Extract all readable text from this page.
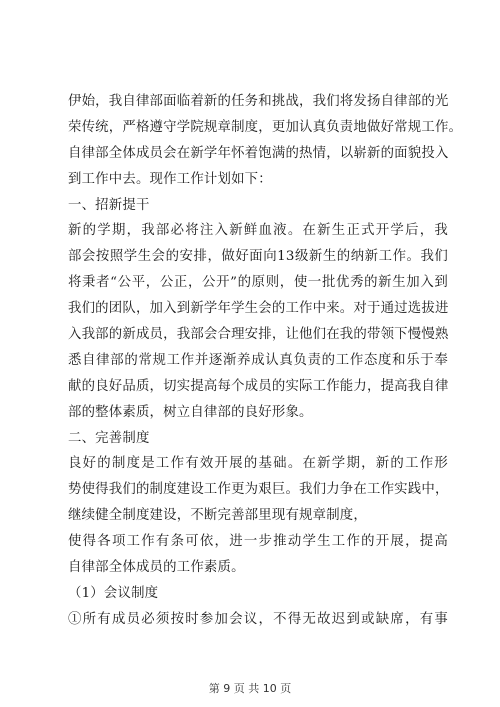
伊始，我自律部面临着新的任务和挑战，我们将发扬自律部的光
荣传统，严格遵守学院规章制度，更加认真负责地做好常规工作。
自律部全体成员会在新学年怀着饱满的热情，以崭新的面貌投入
到工作中去。现作工作计划如下：
一、招新提干
新的学期，我部必将注入新鲜血液。在新生正式开学后，我
部会按照学生会的安排，做好面向13级新生的纳新工作。我们
将秉者“公平，公正，公开”的原则，使一批优秀的新生加入到
我们的团队，加入到新学年学生会的工作中来。对于通过选拔进
入我部的新成员，我部会合理安排，让他们在我的带领下慢慢熟
悉自律部的常规工作并逐渐养成认真负责的工作态度和乐于奉
献的良好品质，切实提高每个成员的实际工作能力，提高我自律
部的整体素质，树立自律部的良好形象。
二、完善制度
良好的制度是工作有效开展的基础。在新学期，新的工作形
势使得我们的制度建设工作更为艰巨。我们力争在工作实践中，
继续健全制度建设，不断完善部里现有规章制度，
使得各项工作有条可依，进一步推动学生工作的开展，提高
自律部全体成员的工作素质。
（1）会议制度
①所有成员必须按时参加会议，不得无故迟到或缺席，有事
第 9 页 共 10 页
